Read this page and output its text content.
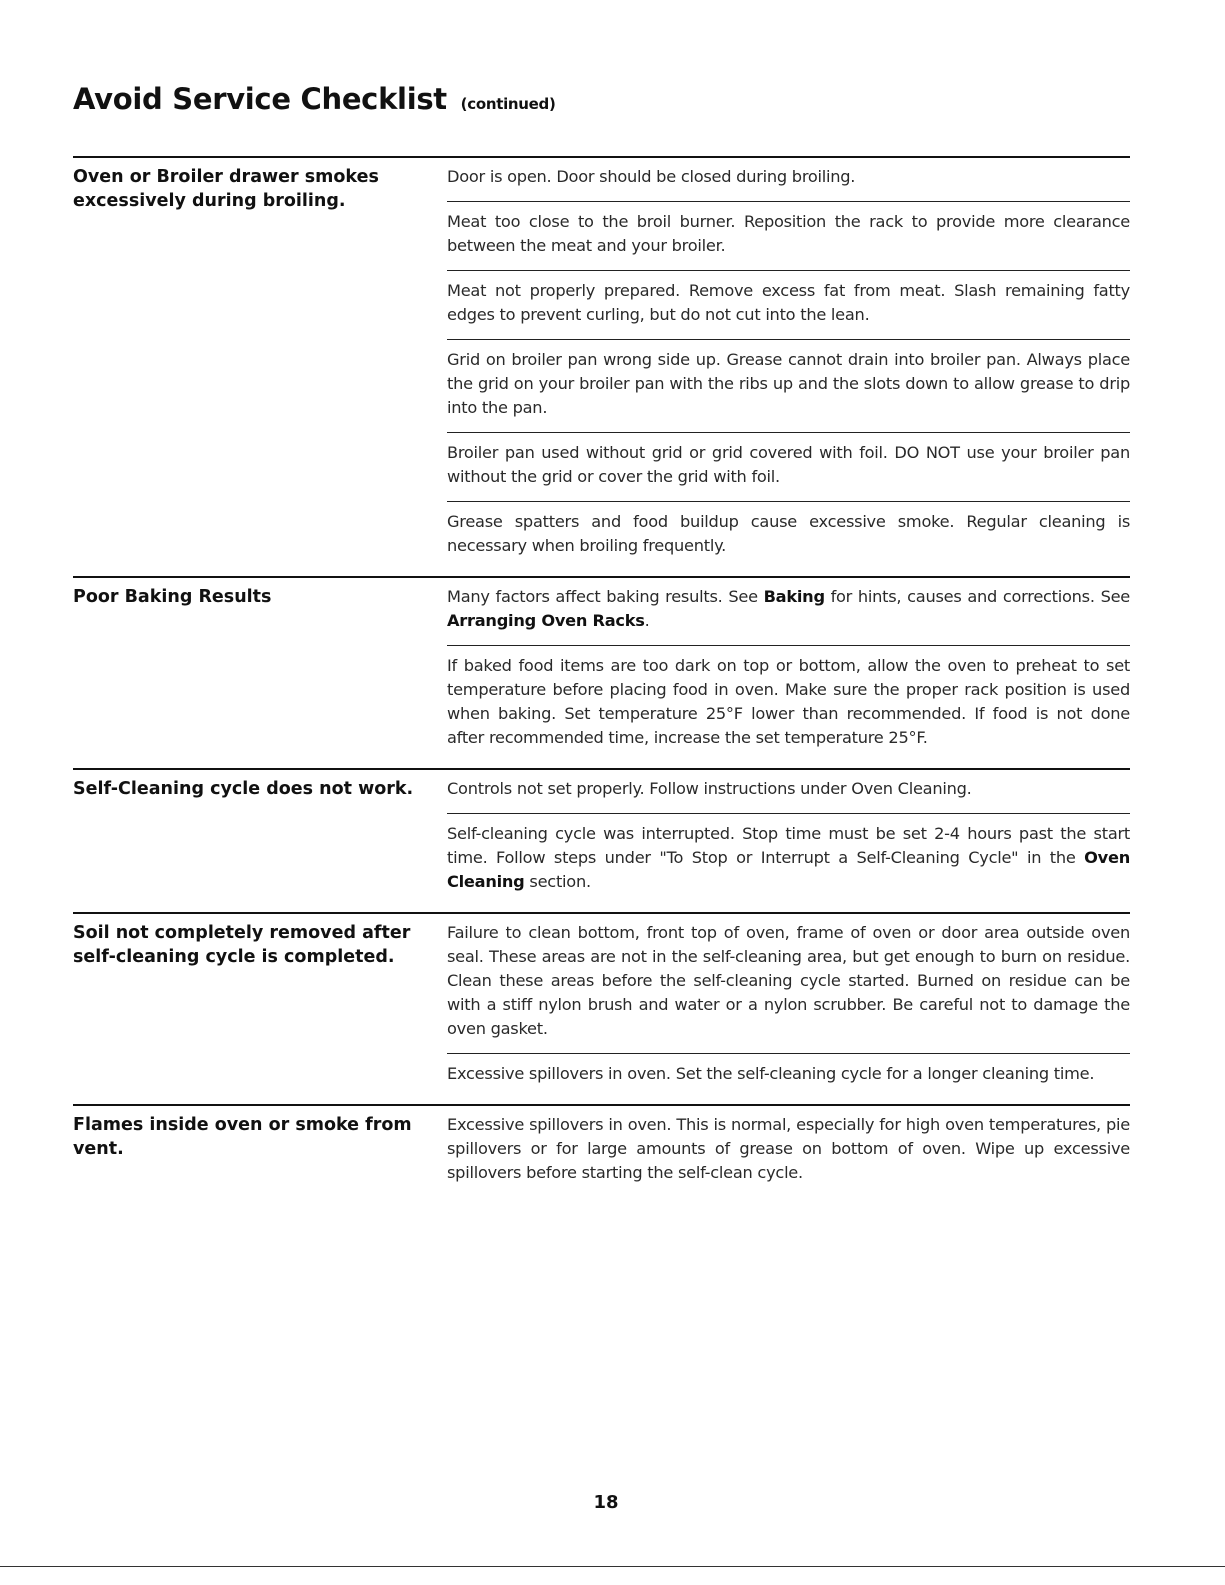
Avoid Service Checklist (continued)
Oven or Broiler drawer smokes excessively during broiling.
Door is open. Door should be closed during broiling.
Meat too close to the broil burner. Reposition the rack to provide more clearance between the meat and your broiler.
Meat not properly prepared. Remove excess fat from meat. Slash remaining fatty edges to prevent curling, but do not cut into the lean.
Grid on broiler pan wrong side up. Grease cannot drain into broiler pan. Always place the grid on your broiler pan with the ribs up and the slots down to allow grease to drip into the pan.
Broiler pan used without grid or grid covered with foil. DO NOT use your broiler pan without the grid or cover the grid with foil.
Grease spatters and food buildup cause excessive smoke. Regular cleaning is necessary when broiling frequently.
Poor Baking Results	Many factors affect baking results. See Baking for hints, causes and corrections. See Arranging Oven Racks.
If baked food items are too dark on top or bottom, allow the oven to preheat to set temperature before placing food in oven. Make sure the proper rack position is used when baking. Set temperature 25°F lower than recommended. If food is not done after recommended time, increase the set temperature 25°F.
Self-Cleaning cycle does not work.	Controls not set properly. Follow instructions under Oven Cleaning.
Self-cleaning cycle was interrupted. Stop time must be set 2-4 hours past the start time. Follow steps under "To Stop or Interrupt a Self-Cleaning Cycle" in the Oven Cleaning section.
Soil not completely removed after self-cleaning cycle is completed.
Failure to clean bottom, front top of oven, frame of oven or door area outside oven seal. These areas are not in the self-cleaning area, but get enough to burn on residue. Clean these areas before the self-cleaning cycle started. Burned on residue can be with a stiff nylon brush and water or a nylon scrubber. Be careful not to damage the oven gasket.
Excessive spillovers in oven. Set the self-cleaning cycle for a longer cleaning time.
Flames inside oven or smoke from vent.
Excessive spillovers in oven. This is normal, especially for high oven temperatures, pie spillovers or for large amounts of grease on bottom of oven. Wipe up excessive spillovers before starting the self-clean cycle.
18
